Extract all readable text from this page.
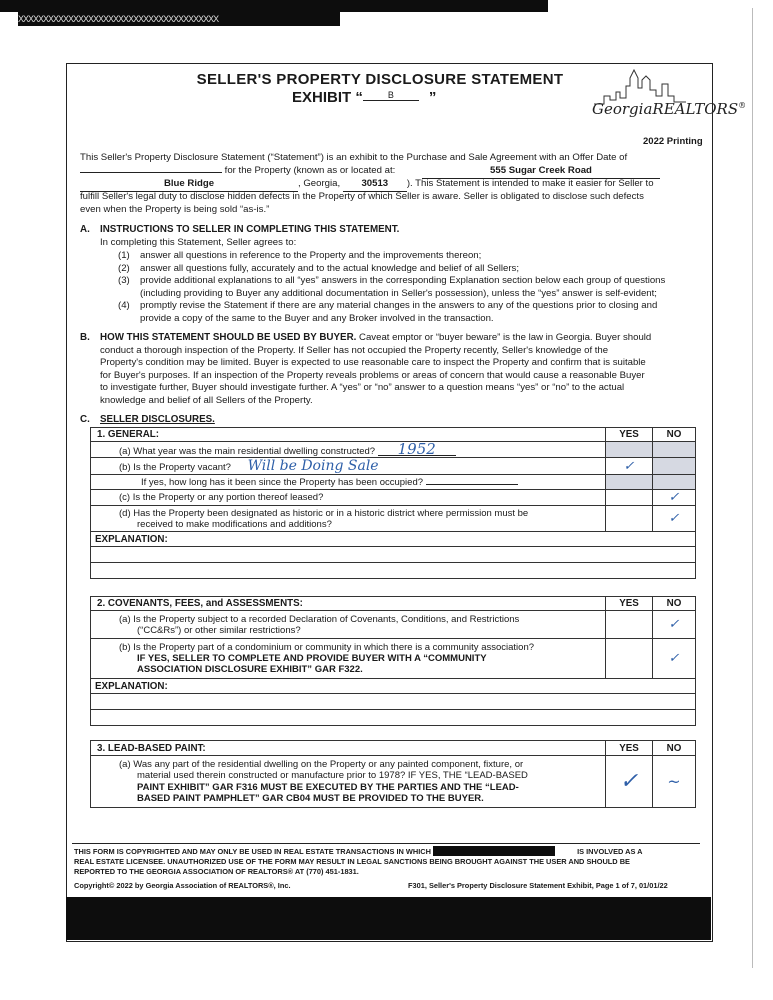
XXXXXXXXXXXXXXXXXXXXXXXXXXXXXXXXXXXXXXXX
SELLER'S PROPERTY DISCLOSURE STATEMENT
EXHIBIT “	B ”
GeorgiaREALTORS®
2022 Printing
This Seller's Property Disclosure Statement (“Statement”) is an exhibit to the Purchase and Sale Agreement with an Offer Date of
for the Property (known as or located at:	555 Sugar Creek Road
Blue Ridge	, Georgia, 30513 ). This Statement is intended to make it easier for Seller to
fulfill Seller's legal duty to disclose hidden defects in the Property of which Seller is aware. Seller is obligated to disclose such defects
even when the Property is being sold “as-is.”
A. INSTRUCTIONS TO SELLER IN COMPLETING THIS STATEMENT.
In completing this Statement, Seller agrees to:
(1)	answer all questions in reference to the Property and the improvements thereon;
(2)	answer all questions fully, accurately and to the actual knowledge and belief of all Sellers;
(3)	provide additional explanations to all “yes” answers in the corresponding Explanation section below each group of questions
(including providing to Buyer any additional documentation in Seller's possession), unless the “yes” answer is self-evident;
(4)	promptly revise the Statement if there are any material changes in the answers to any of the questions prior to closing and
provide a copy of the same to the Buyer and any Broker involved in the transaction.
B. HOW THIS STATEMENT SHOULD BE USED BY BUYER. Caveat emptor or “buyer beware” is the law in Georgia. Buyer should
conduct a thorough inspection of the Property. If Seller has not occupied the Property recently, Seller's knowledge of the
Property's condition may be limited. Buyer is expected to use reasonable care to inspect the Property and confirm that is suitable
for Buyer's purposes. If an inspection of the Property reveals problems or areas of concern that would cause a reasonable Buyer
to investigate further, Buyer should investigate further. A “yes” or “no” answer to a question means “yes” or “no” to the actual
knowledge and belief of all Sellers of the Property.
C. SELLER DISCLOSURES.
1. GENERAL:	YES	NO
(a) What year was the main residential dwelling constructed? 1952		
(b) Is the Property vacant? Will be Doing Sale	✓	
If yes, how long has it been since the Property has been occupied?		
(c) Is the Property or any portion thereof leased?		✓

(d) Has the Property been designated as historic or in a historic district where permission must be
received to make modifications and additions?		✓
EXPLANATION:		

2. COVENANTS, FEES, and ASSESSMENTS:	YES	NO

(a) Is the Property subject to a recorded Declaration of Covenants, Conditions, and Restrictions
(“CC&Rs”) or other similar restrictions?		✓

(b) Is the Property part of a condominium or community in which there is a community association?
IF YES, SELLER TO COMPLETE AND PROVIDE BUYER WITH A “COMMUNITY
ASSOCIATION DISCLOSURE EXHIBIT” GAR F322.		✓
EXPLANATION:		

3. LEAD-BASED PAINT:	YES	NO

(a) Was any part of the residential dwelling on the Property or any painted component, fixture, or
material used therein constructed or manufacture prior to 1978? IF YES, THE “LEAD-BASED
PAINT EXHIBIT” GAR F316 MUST BE EXECUTED BY THE PARTIES AND THE “LEAD-
BASED PAINT PAMPHLET” GAR CB04 MUST BE PROVIDED TO THE BUYER.	✓	~
THIS FORM IS COPYRIGHTED AND MAY ONLY BE USED IN REAL ESTATE TRANSACTIONS IN WHICH	IS INVOLVED AS A
REAL ESTATE LICENSEE. UNAUTHORIZED USE OF THE FORM MAY RESULT IN LEGAL SANCTIONS BEING BROUGHT AGAINST THE USER AND SHOULD BE
REPORTED TO THE GEORGIA ASSOCIATION OF REALTORS® AT (770) 451-1831.
Copyright© 2022 by Georgia Association of REALTORS®, Inc.	F301, Seller's Property Disclosure Statement Exhibit, Page 1 of 7, 01/01/22
